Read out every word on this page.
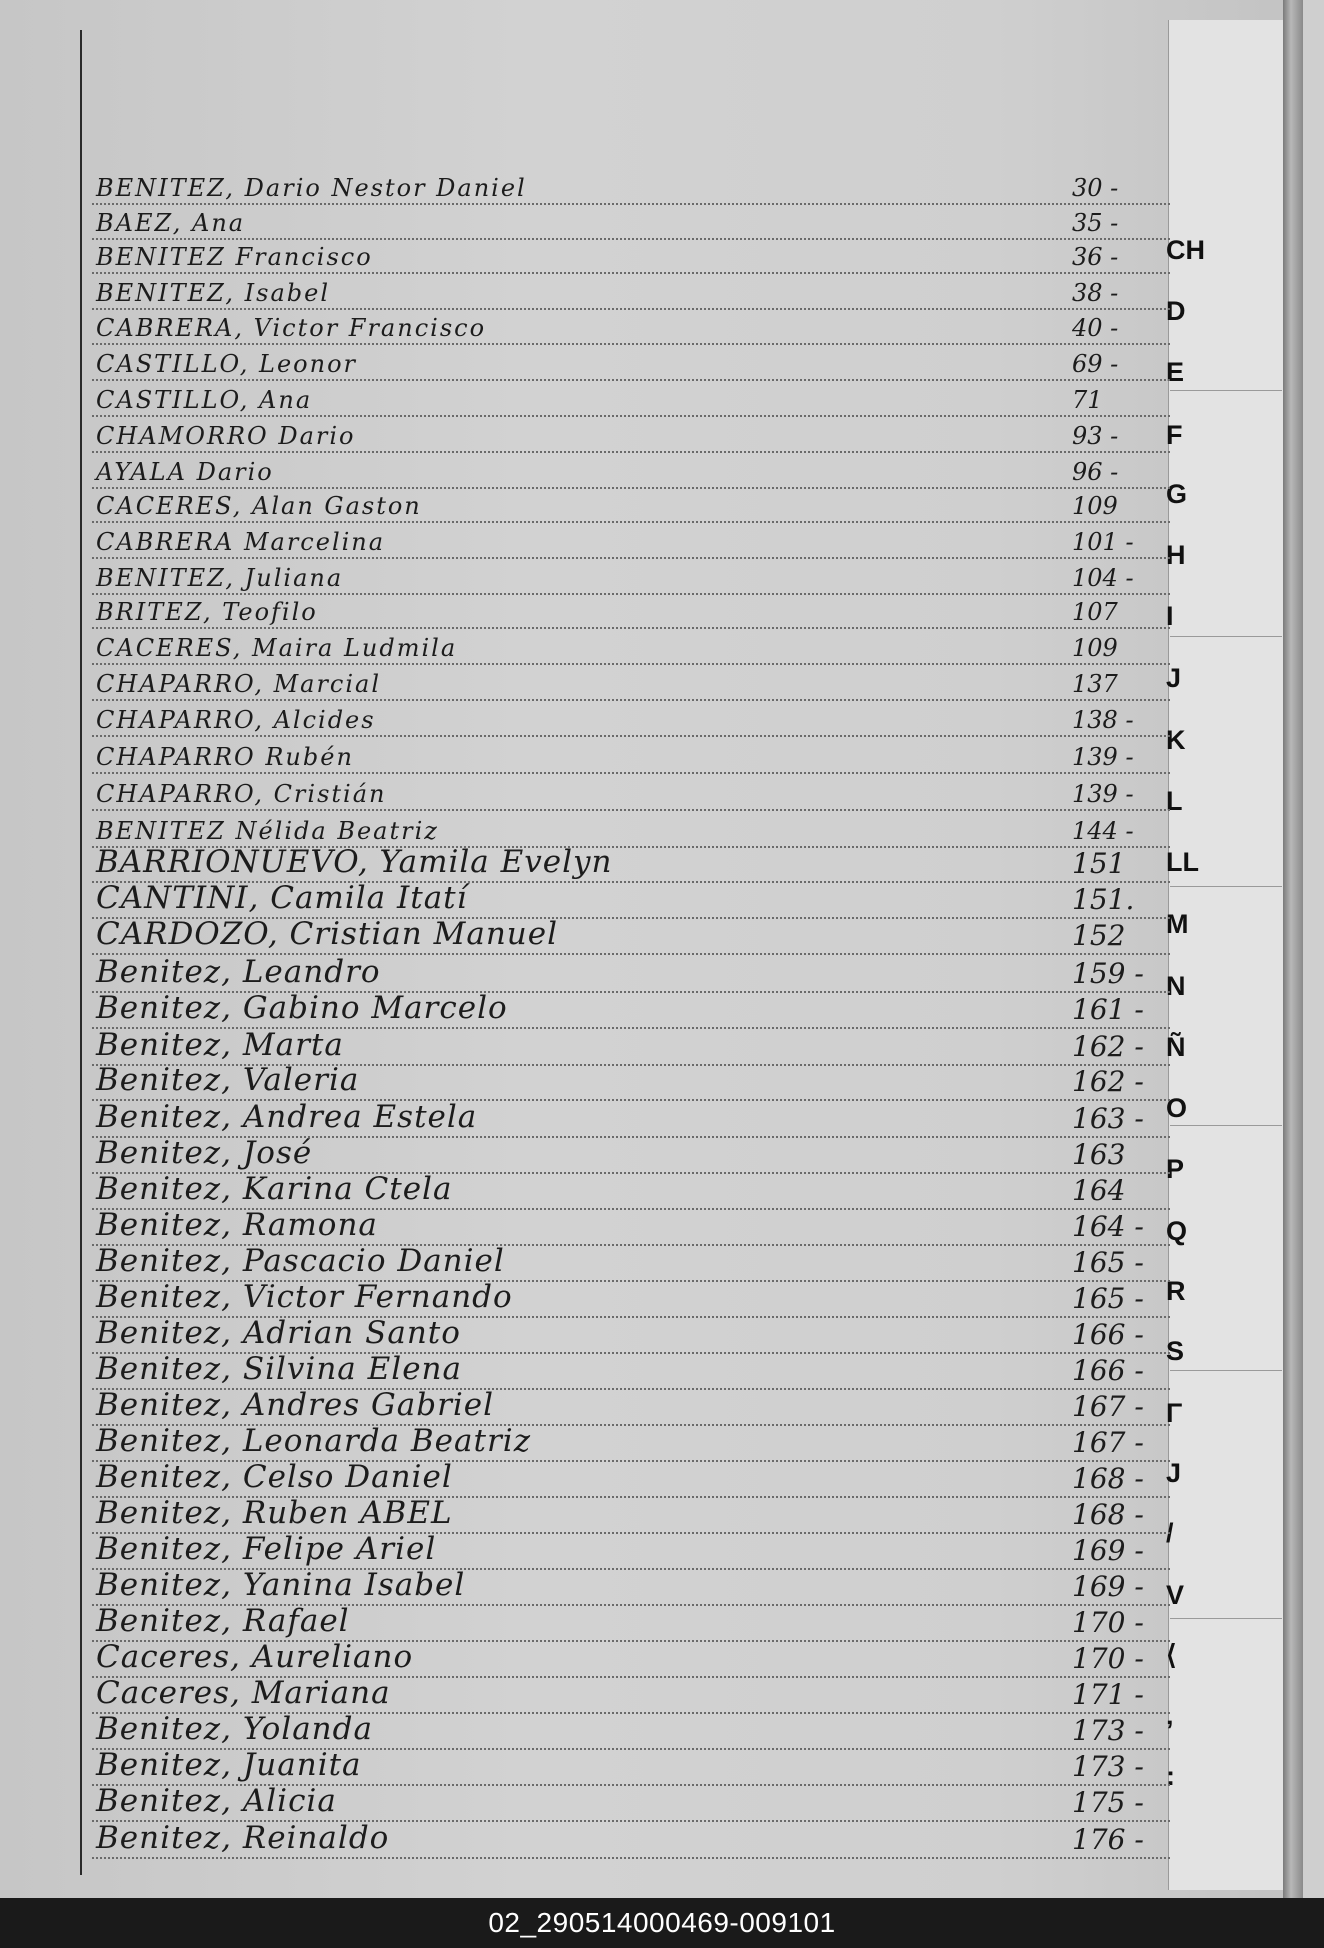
CH
D
E
F
G
H
I
J
K
L
LL
M
N
Ñ
O
P
Q
R
S
Γ
J
/
V
⟨
‚
:
BENITEZ, Dario Nestor Daniel	30 -
BAEZ, Ana	35 -
BENITEZ Francisco	36 -
BENITEZ, Isabel	38 -
CABRERA, Victor Francisco	40 -
CASTILLO, Leonor	69 -
CASTILLO, Ana	71
CHAMORRO Dario	93 -
AYALA Dario	96 -
CACERES, Alan Gaston	109
CABRERA Marcelina	101 -
BENITEZ, Juliana	104 -
BRITEZ, Teofilo	107
CACERES, Maira Ludmila	109
CHAPARRO, Marcial	137
CHAPARRO, Alcides	138 -
CHAPARRO Rubén	139 -
CHAPARRO, Cristián	139 -
BENITEZ Nélida Beatriz	144 -
BARRIONUEVO, Yamila Evelyn	151
CANTINI, Camila Itatí	151.
CARDOZO, Cristian Manuel	152
Benitez, Leandro	159 -
Benitez, Gabino Marcelo	161 -
Benitez, Marta	162 -
Benitez, Valeria	162 -
Benitez, Andrea Estela	163 -
Benitez, José	163
Benitez, Karina Ctela	164
Benitez, Ramona	164 -
Benitez, Pascacio Daniel	165 -
Benitez, Victor Fernando	165 -
Benitez, Adrian Santo	166 -
Benitez, Silvina Elena	166 -
Benitez, Andres Gabriel	167 -
Benitez, Leonarda Beatriz	167 -
Benitez, Celso Daniel	168 -
Benitez, Ruben ABEL	168 -
Benitez, Felipe Ariel	169 -
Benitez, Yanina Isabel	169 -
Benitez, Rafael	170 -
Caceres, Aureliano	170 -
Caceres, Mariana	171 -
Benitez, Yolanda	173 -
Benitez, Juanita	173 -
Benitez, Alicia	175 -
Benitez, Reinaldo	176 -
02_290514000469-009101
